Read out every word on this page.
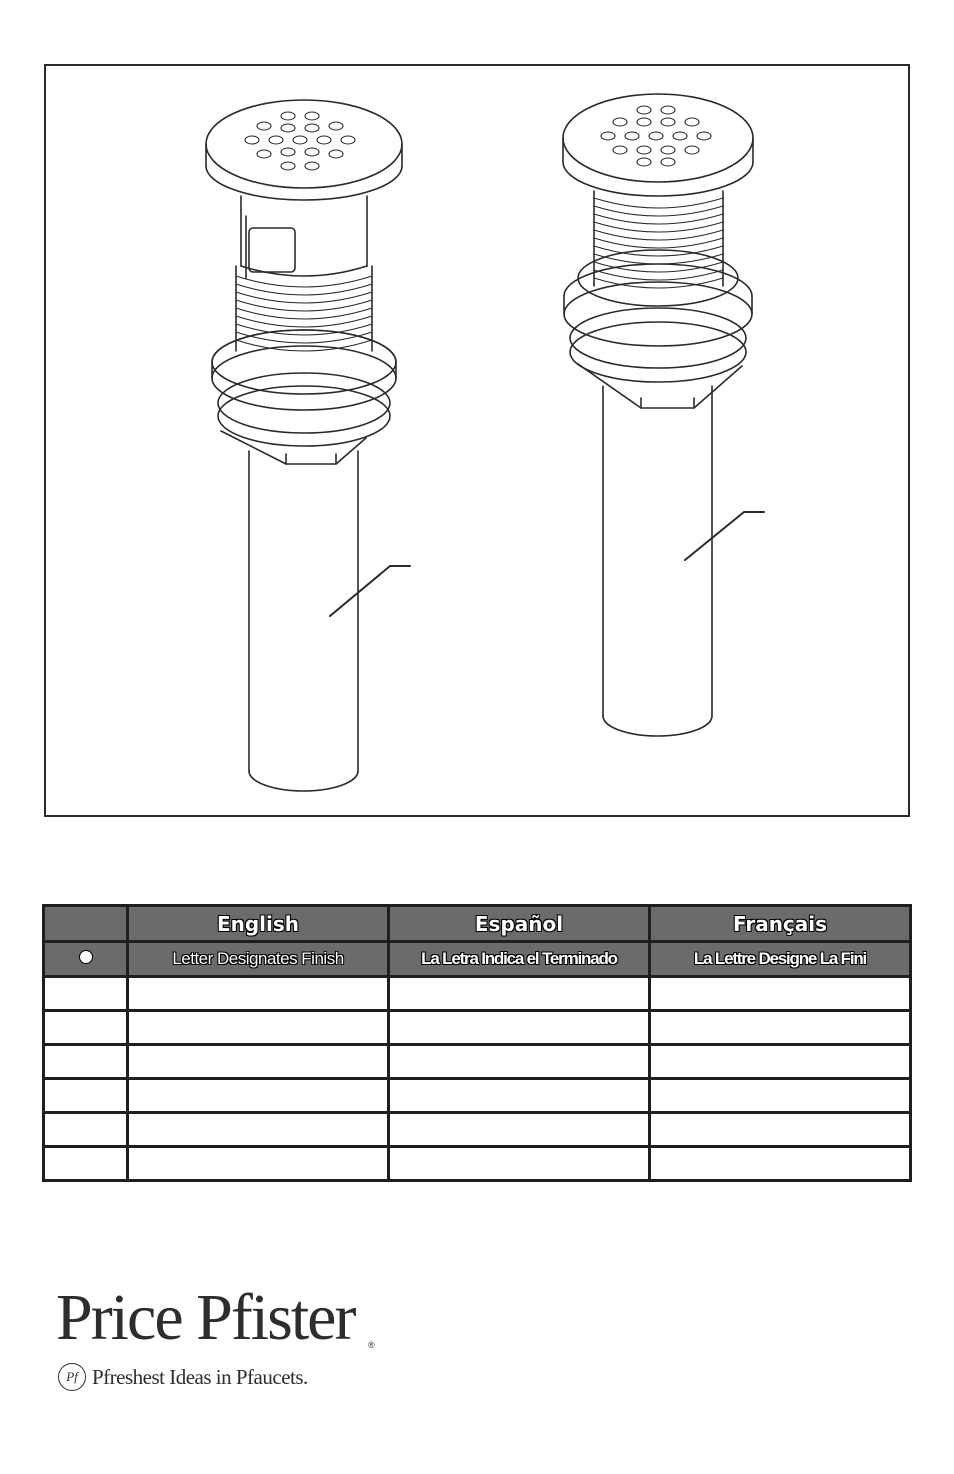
	English	Español	Français
	Letter Designates Finish	La Letra Indica el Terminado	La Lettre Designe La Fini

Price Pfister ®
Pf Pfreshest Ideas in Pfaucets.
